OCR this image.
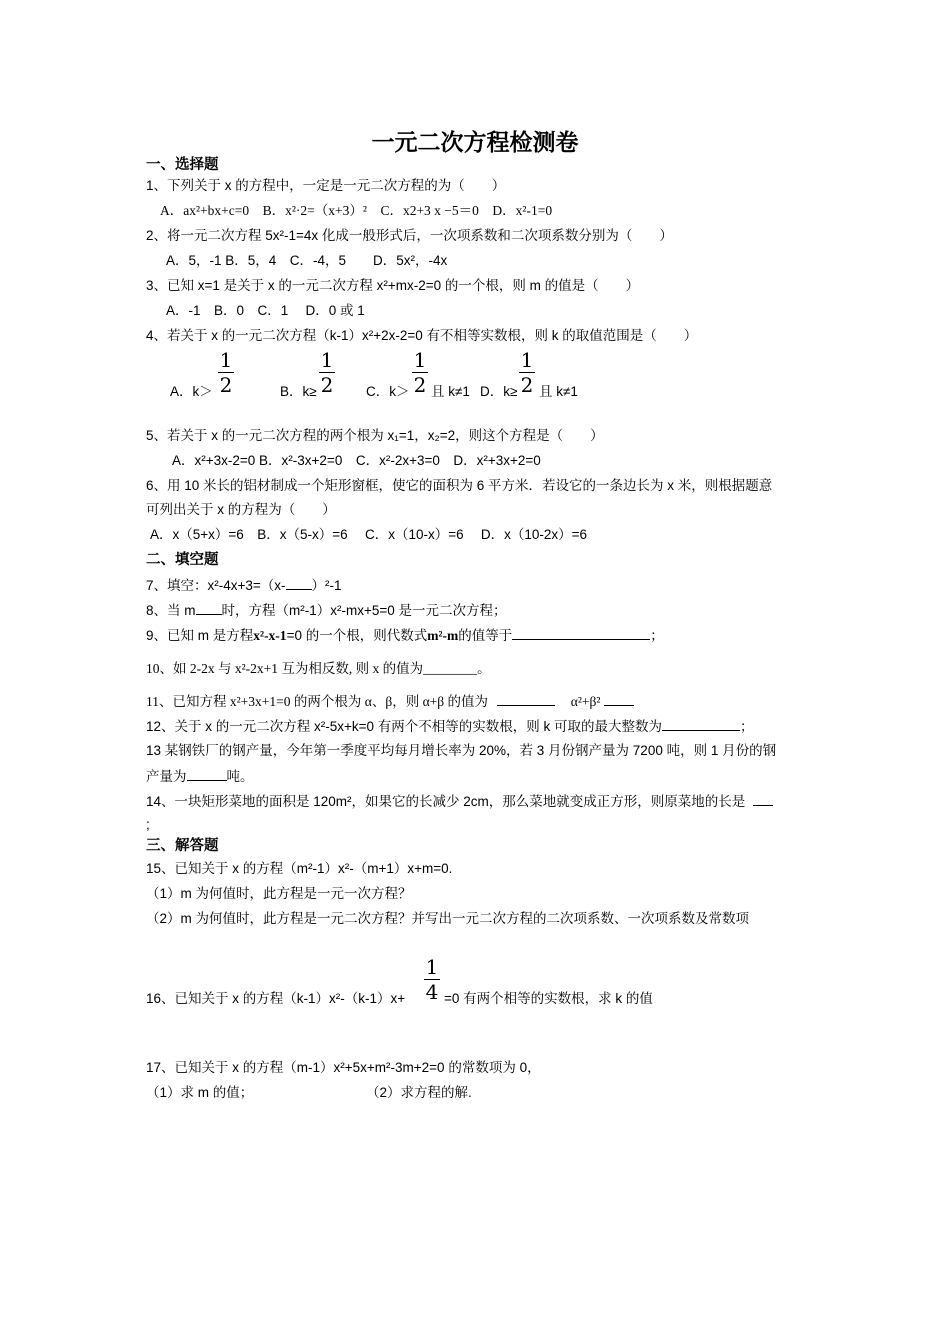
一元二次方程检测卷
一、选择题
1、下列关于 x 的方程中，一定是一元二次方程的为（　　）
A．ax²+bx+c=0　B．x²·2=（x+3）²　C．x2+3 x −5＝0　D．x²-1=0
2、将一元二次方程 5x²-1=4x 化成一般形式后，一次项系数和二次项系数分别为（　　）
A．5，-1 B．5，4　C．-4，5　　D．5x²，-4x
3、已知 x=1 是关于 x 的一元二次方程 x²+mx-2=0 的一个根，则 m 的值是（　　）
A．-1　B．0　C．1　 D．0 或 1
4、若关于 x 的一元二次方程（k-1）x²+2x-2=0 有不相等实数根，则 k 的取值范围是（　　）
A．k＞
1
2	B．k≥
1
2 C．k＞
1
2 且 k≠1 D．k≥
1
2 且 k≠1
5、若关于 x 的一元二次方程的两个根为 x₁=1，x₂=2，则这个方程是（　　）
A．x²+3x-2=0 B．x²-3x+2=0　C．x²-2x+3=0　D．x²+3x+2=0
6、用 10 米长的铝材制成一个矩形窗框，使它的面积为 6 平方米．若设它的一条边长为 x 米，则根据题意
可列出关于 x 的方程为（　　）
A．x（5+x）=6　B．x（5-x）=6　 C．x（10-x）=6　 D．x（10-2x）=6
二、填空题
7、填空：x²-4x+3=（x- ）²-1
8、当 m 时，方程（m²-1）x²-mx+5=0 是一元二次方程；
9、已知 m 是方程x²-x-1=0 的一个根，则代数式m²-m的值等于	；
10、如 2-2x 与 x²-2x+1 互为相反数, 则 x 的值为________。
11、已知方程 x²+3x+1=0 的两个根为 α、β，则 α+β 的值为	α²+β²
12、关于 x 的一元二次方程 x²-5x+k=0 有两个不相等的实数根，则 k 可取的最大整数为	；
13 某钢铁厂的钢产量，今年第一季度平均每月增长率为 20%，若 3 月份钢产量为 7200 吨，则 1 月份的钢
产量为	吨。
14、一块矩形菜地的面积是 120m²，如果它的长减少 2cm，那么菜地就变成正方形，则原菜地的长是
;
三、解答题
15、已知关于 x 的方程（m²-1）x²-（m+1）x+m=0.
（1）m 为何值时，此方程是一元一次方程？
（2）m 为何值时，此方程是一元二次方程？并写出一元二次方程的二次项系数、一次项系数及常数项
16、已知关于 x 的方程（k-1）x²-（k-1）x+
1
4 =0 有两个相等的实数根，求 k 的值
17、已知关于 x 的方程（m-1）x²+5x+m²-3m+2=0 的常数项为 0，
（1）求 m 的值；	（2）求方程的解.
